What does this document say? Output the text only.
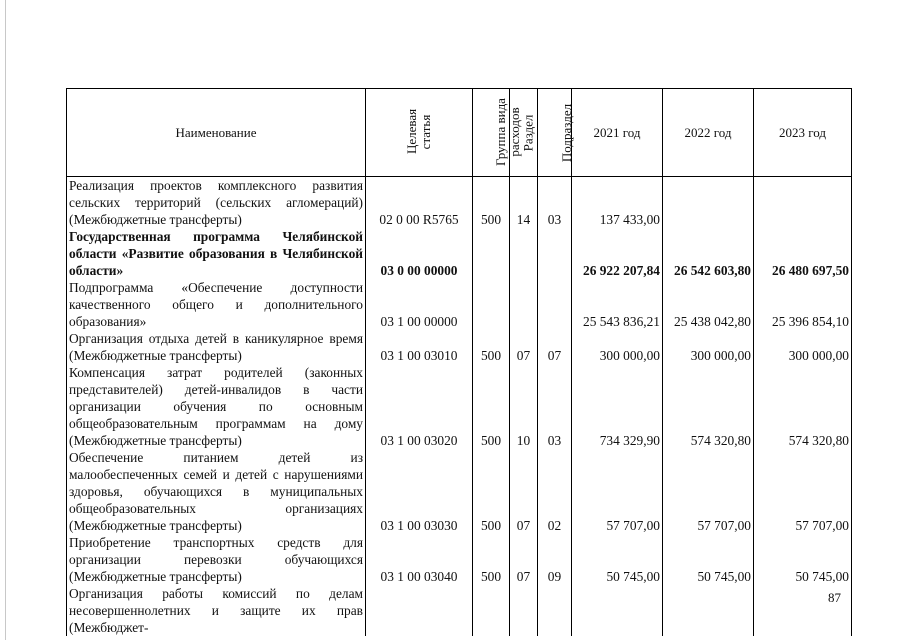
Наименование	Целевая статья	Группа вида расходов	Раздел	Подраздел	2021 год	2022 год	2023 год
Реализация проектов комплексного развития сельских территорий (сельских агломераций) (Межбюджетные трансферты)	02 0 00 R5765	500	14	03	137 433,00		
Государственная программа Челябинской области «Развитие образования в Челябинской области»	03 0 00 00000				26 922 207,84	26 542 603,80	26 480 697,50
Подпрограмма «Обеспечение доступности качественного общего и дополнительного образования»	03 1 00 00000				25 543 836,21	25 438 042,80	25 396 854,10
Организация отдыха детей в каникулярное время (Межбюджетные трансферты)	03 1 00 03010	500	07	07	300 000,00	300 000,00	300 000,00
Компенсация затрат родителей (законных представителей) детей-инвалидов в части организации обучения по основным общеобразовательным программам на дому (Межбюджетные трансферты)	03 1 00 03020	500	10	03	734 329,90	574 320,80	574 320,80
Обеспечение питанием детей из малообеспеченных семей и детей с нарушениями здоровья, обучающихся в муниципальных общеобразовательных организациях (Межбюджетные трансферты)	03 1 00 03030	500	07	02	57 707,00	57 707,00	57 707,00
Приобретение транспортных средств для организации перевозки обучающихся (Межбюджетные трансферты)	03 1 00 03040	500	07	09	50 745,00	50 745,00	50 745,00
Организация работы комиссий по делам несовершеннолетних и защите их прав (Межбюджет-							
87
